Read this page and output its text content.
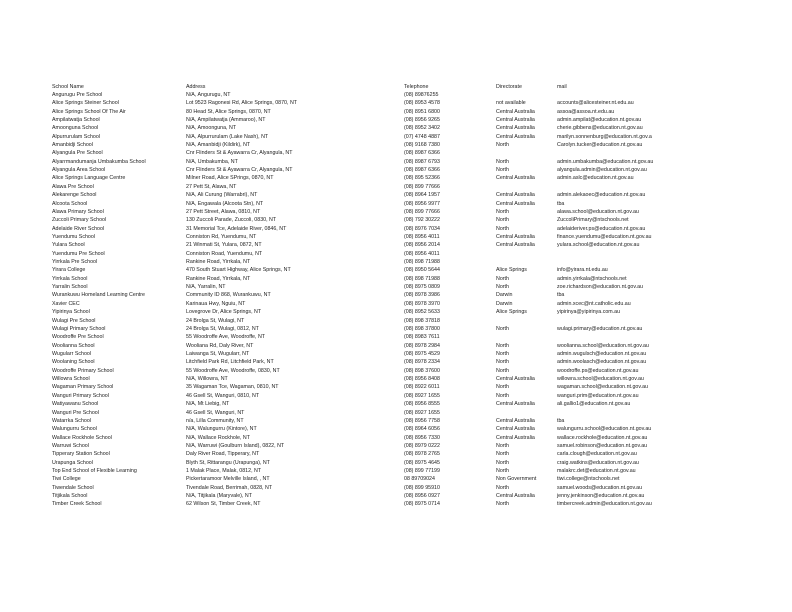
School Name	Address	Telephone	Directorate	mail
Angurugu Pre School	N/A, Angurugu, NT	(08) 89876255
Alice Springs Steiner School	Lot 9523 Ragonesi Rd, Alice Springs, 0870, NT	(08) 8953 4578	not available	accounts@alicesteiner.nt.edu.au
Alice Springs School Of The Air	80 Head St, Alice Springs, 0870, NT	(08) 8951 6800	Central Australia	assoa@assoa.nt.edu.au
Ampilatwatja School	N/A, Ampilatwatja (Ammaroo), NT	(08) 8956 9265	Central Australia	admin.ampilat@education.nt.gov.au
Amoonguna School	N/A, Amoonguna, NT	(08) 8952 3402	Central Australia	cherie.gibbens@education.nt.gov.au
Alpurrurulam School	N/A, Alpurrurulam (Lake Nash), NT	(07) 4748 4887	Central Australia	marilyn.sonnenburg@education.nt.gov.a
Amanbidji School	N/A, Amanbidji (Kildirk), NT	(08) 9168 7380	North	Carolyn.tucker@education.nt.gov.au
Alyangula Pre School	Cnr Flinders St & Ayawarra Cr, Alyangula, NT	(08) 8987 6366
Alyarrmandumanja Umbakumba School	N/A, Umbakumba, NT	(08) 8987 6793	North	admin.umbakumba@education.nt.gov.au
Alyangula Area School	Cnr Flinders St & Ayawarra Cr, Alyangula, NT	(08) 8987 6366	North	alyangula.admin@education.nt.gov.au
Alice Springs Language Centre	Milner Road, Alice SPrings, 0870, NT	(08) 895 52366	Central Australia	admin.aslc@education.nt.gov.au
Alawa Pre School	27 Pett St, Alawa, NT	(08) 899 77666
Alekarenge School	N/A, Ali Curung (Warrabri), NT	(08) 8964 1957	Central Australia	admin.alekaoec@education.nt.gov.au
Alcoota School	N/A, Engawala (Alcoota Stn), NT	(08) 8956 9977	Central Australia	tba
Alawa Primary School	27 Pett Street, Alawa, 0810, NT	(08) 899 77666	North	alawa.school@education.nt.gov.au
Zuccoli Primary School	130 Zuccoli Parade, Zuccoli, 0830, NT	(08) 792 30222	North	ZuccoliPrimary@ntschools.net
Adelaide River School	31 Memorial Tce, Adelaide River, 0846, NT	(08) 8976 7034	North	adelaideriver.ps@education.nt.gov.au
Yuendumu School	Conniston Rd, Yuendumu, NT	(08) 8956 4011	Central Australia	finance.yuendumu@education.nt.gov.au
Yulara School	21 Winmati St, Yulara, 0872, NT	(08) 8956 2014	Central Australia	yulara.school@education.nt.gov.au
Yuendumu Pre School	Conniston Road, Yuendumu, NT	(08) 8956 4011
Yirrkala Pre School	Rankine Road, Yirrkala, NT	(08) 898 71988
Yirara College	470 South Stuart Highway, Alice Springs, NT	(08) 8950 5644	Alice Springs	info@yirara.nt.edu.au
Yirrkala School	Rankine Road, Yirrkala, NT	(08) 898 71988	North	admin.yirrkala@ntschools.net
Yarralin School	N/A, Yarralin, NT	(08) 8975 0809	North	zoe.richardson@education.nt.gov.au
Wurankuwu Homeland Learning Centre	Community ID 868, Wurankuwu, NT	(08) 8978 3986	Darwin	tba
Xavier CEC	Karinaua Hwy, Nguiu, NT	(08) 8978 3970	Darwin	admin.xcec@nt.catholic.edu.au
Yipirinya School	Lovegrove Dr, Alice Springs, NT	(08) 8952 5633	Alice Springs	yipirinya@yipirinya.com.au
Wulagi Pre School	24 Brolga St, Wulagi, NT	(08) 898 37818
Wulagi Primary School	24 Brolga St, Wulagi, 0812, NT	(08) 898 37800	North	wulagi.primary@education.nt.gov.au
Woodroffe Pre School	55 Woodroffe Ave, Woodroffe, NT	(08) 8983 7611
Woolianna School	Wooliana Rd, Daly River, NT	(08) 8978 2984	North	woolianna.school@education.nt.gov.au
Wugularr School	Laiwanga St, Wugularr, NT	(08) 8975 4529	North	admin.wugulsch@education.nt.gov.au
Woolaning School	Litchfield Park Rd, Litchfield Park, NT	(08) 8978 2334	North	admin.woolasch@education.nt.gov.au
Woodroffe Primary School	55 Woodroffe Ave, Woodroffe, 0830, NT	(08) 898 37600	North	woodroffe.ps@education.nt.gov.au
Willowra School	N/A, Willowra, NT	(08) 8956 8408	Central Australia	willowra.school@education.nt.gov.au
Wagaman Primary School	35 Wagaman Tce, Wagaman, 0810, NT	(08) 8922 6011	North	wagaman.school@education.nt.gov.au
Wanguri Primary School	46 Gsell St, Wanguri, 0810, NT	(08) 8927 1655	North	wanguri.prim@education.nt.gov.au
Watiyawanu School	N/A, Mt Liebig, NT	(08) 8956 8555	Central Australia	ali.gallio1@education.nt.gov.au
Wanguri Pre School	46 Gsell St, Wanguri, NT	(08) 8927 1655
Watarrka School	n/a, Lilla Community, NT	(08) 8956 7758	Central Australia	tba
Walungurru School	N/A, Walungurru (Kintore), NT	(08) 8964 6056	Central Australia	walungurru.school@education.nt.gov.au
Wallace Rockhole School	N/A, Wallace Rockhole, NT	(08) 8956 7330	Central Australia	wallace.rockhole@education.nt.gov.au
Warruwi School	N/A, Warruwi (Goulburn Island), 0822, NT	(08) 8979 0222	North	samuel.robinson@education.nt.gov.au
Tipperary Station School	Daly River Road, Tipperary, NT	(08) 8978 2765	North	carla.clough@education.nt.gov.au
Urapunga School	Blyth St, Rittarangu (Urapunga), NT	(08) 8975 4645	North	craig.watkins@education.nt.gov.au
Top End School of Flexible Learning	1 Malak Place, Malak, 0812, NT	(08) 899 77199	North	malakrc.det@education.nt.gov.au
Tiwi College	Pickertaramoor Melville Island, , NT	08 89709024	Non Government	tiwi.college@ntschools.net
Tiwendale School	Tivendale Road, Berrimah, 0828, NT	(08) 899 95910	North	samuel.woods@education.nt.gov.au
Titjikala School	N/A, Titjikala (Maryvale), NT	(08) 8956 0927	Central Australia	jenny.jenkinson@education.nt.gov.au
Timber Creek School	62 Wilson St, Timber Creek, NT	(08) 8975 0714	North	timbercreek.admin@education.nt.gov.au
